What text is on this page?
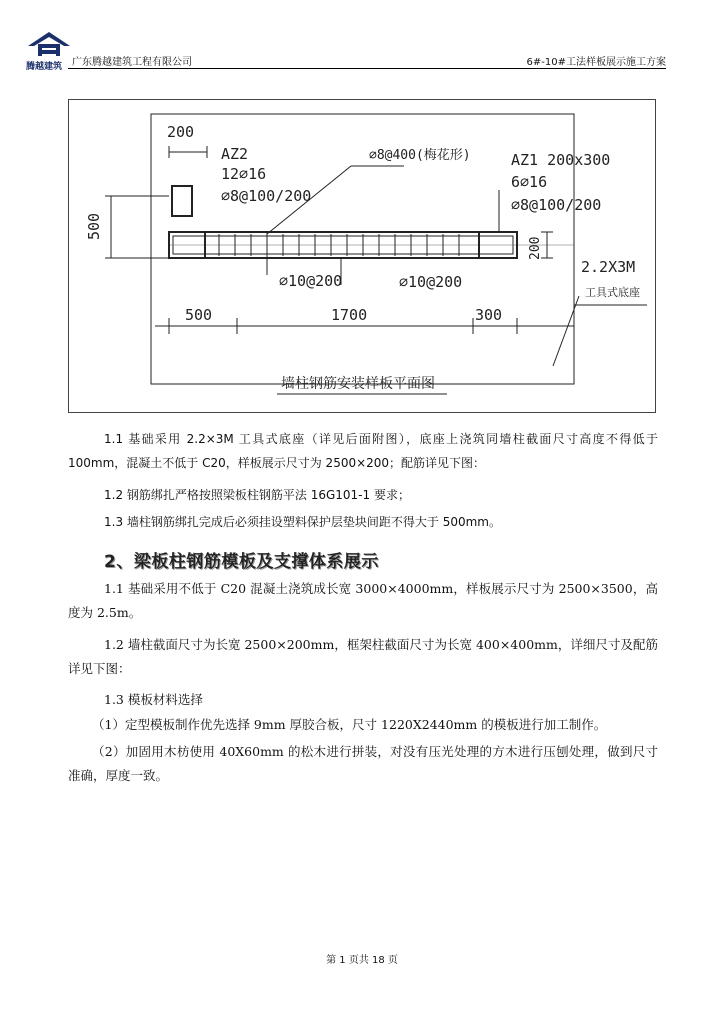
腾越建筑 广东腾越建筑工程有限公司	6#-10#工法样板展示施工方案
200
AZ2
12⌀16
⌀8@100/200
⌀8@400(梅花形)	AZ1 200x300
6⌀16
⌀8@100/200
500
200
⌀10@200	⌀10@200
2.2X3M
工具式底座
500	1700	300
墙柱钢筋安装样板平面图

1.1 基础采用 2.2×3M 工具式底座（详见后面附图），底座上浇筑同墙柱截面尺寸高度不得低于 100mm，混凝土不低于 C20，样板展示尺寸为 2500×200；配筋详见下图：

1.2 钢筋绑扎严格按照梁板柱钢筋平法 16G101-1 要求；

1.3 墙柱钢筋绑扎完成后必须挂设塑料保护层垫块间距不得大于 500mm。

2、梁板柱钢筋模板及支撑体系展示

1.1 基础采用不低于 C20 混凝土浇筑成长宽 3000×4000mm，样板展示尺寸为 2500×3500，高度为 2.5m。

1.2 墙柱截面尺寸为长宽 2500×200mm，框架柱截面尺寸为长宽 400×400mm，详细尺寸及配筋详见下图：

1.3 模板材料选择

（1）定型模板制作优先选择 9mm 厚胶合板，尺寸 1220X2440mm 的模板进行加工制作。

（2）加固用木枋使用 40X60mm 的松木进行拼装，对没有压光处理的方木进行压刨处理，做到尺寸准确，厚度一致。

第 1 页共 18 页
